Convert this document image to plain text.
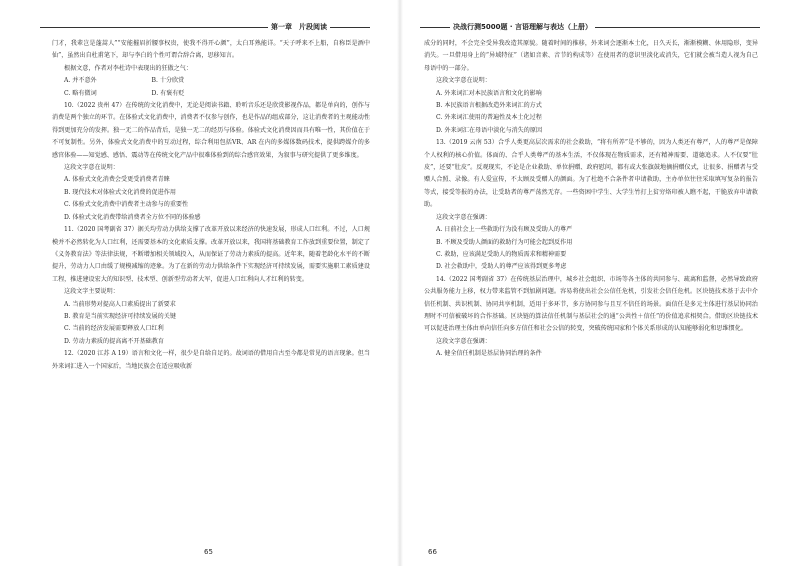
第一章　片段阅读

门才，我辈岂是蓬蒿人”“安能摧眉折腰事权贵，使我不得开心颜”，太白耳熟能详。“天子呼来不上船，自称臣是酒中仙”，虽然出自杜甫笔下，却与李白的个性可谓合辞合离，思移知言。

根据文意，作者对李杜诗中表现出的狂傲之气：

A. 并不意外　　　　　　　　　B. 十分欣赏

C. 略有微词　　　　　　　　　D. 有褒有贬

10.（2022 贵州 47）在传统的文化消费中，无论是阅读书籍、聆听音乐还是欣赏影视作品，都是单向的，创作与消费是两个独立的环节。在体验式文化消费中，消费者不仅参与创作，也是作品的组成部分，这让消费者的主观能动性得到更加充分的发挥。独一无二的作品背后，是独一无二的经历与体验。体验式文化消费因而具有唯一性，其价值在于不可复制性。另外，体验式文化消费中的互动过程，综合利用包括VR、AR 在内的多媒体数码技术，提供跨媒介的多感官体验——知觉感、感悟、震动等在传统文化产品中很难体验到的综合感官效果，为叙事与研究提供了更多维度。

这段文字意在说明：

A. 体验式文化消费会受更受消费者青睐

B. 现代技术对体验式文化消费的促进作用

C. 体验式文化消费中消费者主动参与的重要性

D. 体验式文化消费带给消费者全方位不同的体验感

11.（2020 国考副省 37）据关均劳动力供给支撑了改革开放以来经济的快速发展，形成人口红利。不过，人口规模并不必然转化为人口红利，还需要基本的文化素质支撑。改革开放以来，我国将基础教育工作放到重要位置，制定了《义务教育法》等法律法规，不断增加相关领域投入，从而保证了劳动力素质的提高。近年来，随着老龄化水平的不断提升，劳动力人口由缓了规模减缩的迹象。为了在新的劳动力供给条件下实现经济可持续发展，需要实施职工素质建设工程，推进建设宏大的知识型、技术型、创新型劳动者大军，促进人口红利向人才红利的转变。

这段文字主要说明：

A. 当前形势对提高人口素质提出了新要求

B. 教育是当前实现经济可持续发展的关键

C. 当前的经济发展需要释放人口红利

D. 劳动力素质的提高离不开基础教育

12.（2020 江苏 A 19）语言和文化一样，很少是自给自足的。故词语的借用自古至今都是常见的语言现象。但当外来词汇进入一个国家后，当地民族会在适应吸收新

65
决战行测5000题 · 言语理解与表达（上册）

成分的同时，不会完全受异我改造其原貌。随着时间的推移，外来词会逐渐本土化，日久天长，渐渐模糊、休用隐形，变异消失。一旦借用身上的“异域特征”（诸如音素、音节的构成等）在使用者的意识里淡化或消失，它们就会被当造人视为自己母语中的一部分。

这段文字意在说明：

A. 外来词汇对本民族语言和文化的影响

B. 本民族语言根据改造外来词汇的方式

C. 外来词汇使用的普遍性及本土化过程

D. 外来词汇在母语中淡化与消失的原因

13.（2019 云南 53）合乎人类更高层次需求的社会救助，“将有所养”是不够的，因为人类还有尊严，人的尊严是保障个人权利的核心价值。体面的、合乎人类尊严的基本生活，不仅体现在物质需求，还有精神需要、道德追求。人不仅要“肚皮”，还要“肚皮”。反观现实，不论是企业救助、单位捐赠、政府慰问，都有或大张旗鼓地摘捐赠仪式，让很多、捐赠者与受赠人合照、录像。有人爱宣传，不太顾及受赠人的颜面。为了杜绝不合条件者申请救助，主办单位往往采取填写复杂的报告等式，接受等报的办法，让受助者的尊严荡然无存。一些资困中学生、大学生竹打上贫穷烙印被人瞧不起，干脆放弃申请救助。

这段文字意在强调：

A. 日前社会上一些救助行为没有顾及受助人的尊严

B. 不顾及受助人颜面的救助行为可能会起到反作用

C. 救助，应该满足受助人的物质需求和精神需要

D. 社会救助中，受助人的尊严应该得到更多考虑

14.（2022 国考副省 37）在传统基层治理中，城乡社会组织、市场等各主体的共同参与、疏离和监督，必然导致政府公共服务能力上移，权力带来监管不到加剧问题。容易将使出社会公信任危机，引发社会信任危机。区块链技术基于去中介信任机制、共识机制、协同共享机制，适用于多环节，多方协同参与且互不信任的场景。面信任是多元主体进行基层协同治理时不可信被破坏的合作基础。区块链的算法信任机制与基层社会的通“公共性＋信任”的价值追求相契合。借助区块链技术可以促进治理主体由单向信任向多方信任和社会公信的转变，突破传统国家和个体关系形成的认知能够弱化和思维惯化。

这段文字意在强调：

A. 健全信任机制是基层协同治理的条件

66
